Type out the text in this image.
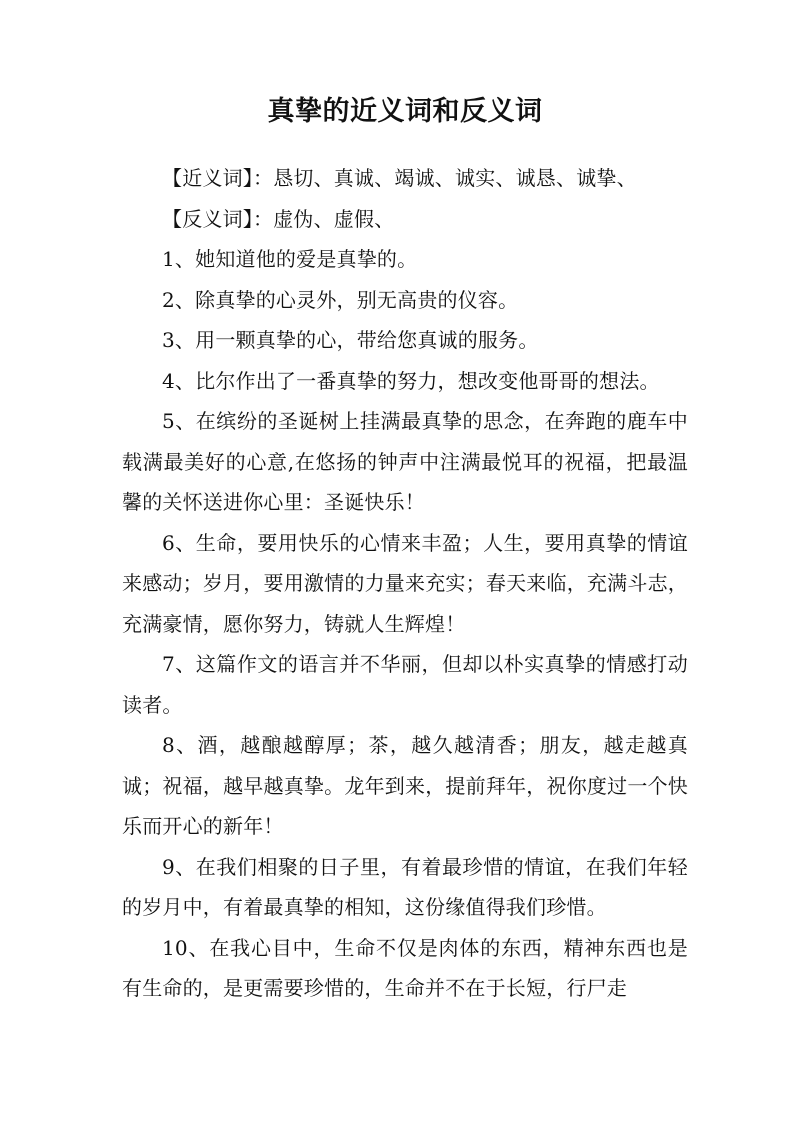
真挚的近义词和反义词

【近义词】：恳切、真诚、竭诚、诚实、诚恳、诚挚、

【反义词】：虚伪、虚假、

1、她知道他的爱是真挚的。

2、除真挚的心灵外，别无高贵的仪容。

3、用一颗真挚的心，带给您真诚的服务。

4、比尔作出了一番真挚的努力，想改变他哥哥的想法。

5、在缤纷的圣诞树上挂满最真挚的思念，在奔跑的鹿车中载满最美好的心意,在悠扬的钟声中注满最悦耳的祝福，把最温馨的关怀送进你心里：圣诞快乐！

6、生命，要用快乐的心情来丰盈；人生，要用真挚的情谊来感动；岁月，要用激情的力量来充实；春天来临，充满斗志，充满豪情，愿你努力，铸就人生辉煌！

7、这篇作文的语言并不华丽，但却以朴实真挚的情感打动读者。

8、酒，越酿越醇厚；茶，越久越清香；朋友，越走越真诚；祝福，越早越真挚。龙年到来，提前拜年，祝你度过一个快乐而开心的新年！

9、在我们相聚的日子里，有着最珍惜的情谊，在我们年轻的岁月中，有着最真挚的相知，这份缘值得我们珍惜。

10、在我心目中，生命不仅是肉体的东西，精神东西也是有生命的，是更需要珍惜的，生命并不在于长短，行尸走
